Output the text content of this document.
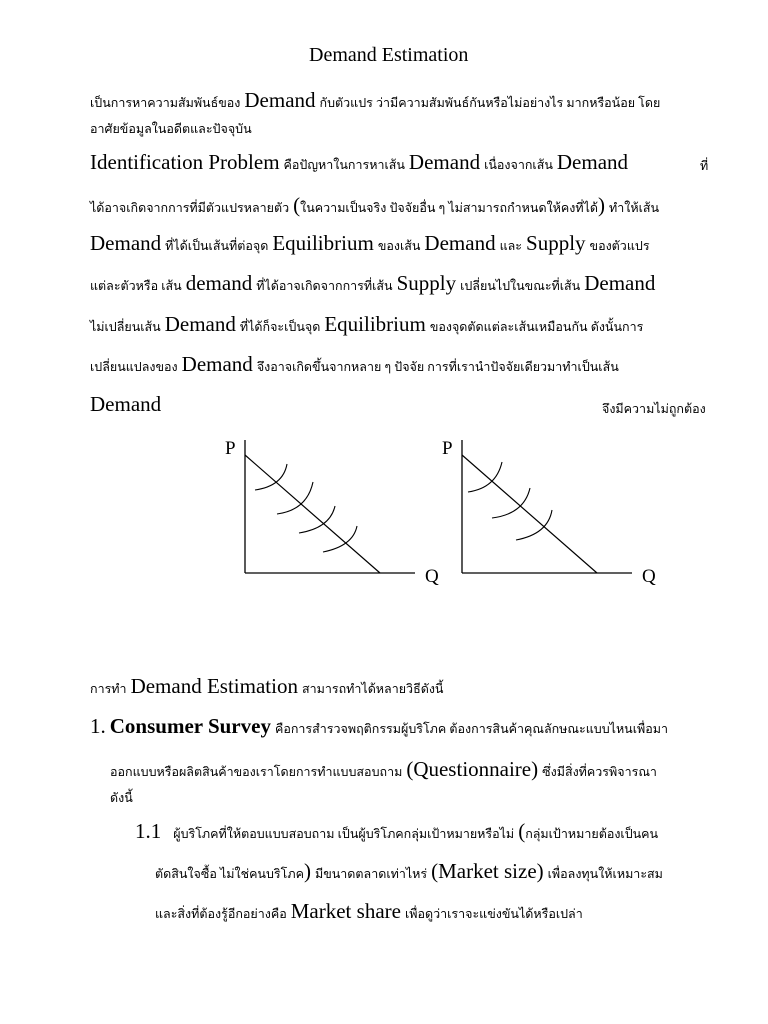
Demand Estimation
เป็นการหาความสัมพันธ์ของ Demand กับตัวแปร ว่ามีความสัมพันธ์กันหรือไม่อย่างไร มากหรือน้อย โดย
อาศัยข้อมูลในอดีตและปัจจุบัน
Identification Problem คือปัญหาในการหาเส้น Demand เนื่องจากเส้น Demand	ที่
ได้อาจเกิดจากการที่มีตัวแปรหลายตัว (ในความเป็นจริง ปัจจัยอื่น ๆ ไม่สามารถกำหนดให้คงที่ได้) ทำให้เส้น
Demand ที่ได้เป็นเส้นที่ต่อจุด Equilibrium ของเส้น Demand และ Supply ของตัวแปร
แต่ละตัวหรือ เส้น demand ที่ได้อาจเกิดจากการที่เส้น Supply เปลี่ยนไปในขณะที่เส้น Demand
ไม่เปลี่ยนเส้น Demand ที่ได้ก็จะเป็นจุด Equilibrium ของจุดตัดแต่ละเส้นเหมือนกัน ดังนั้นการ
เปลี่ยนแปลงของ Demand จึงอาจเกิดขึ้นจากหลาย ๆ ปัจจัย การที่เรานำปัจจัยเดียวมาทำเป็นเส้น
Demand	จึงมีความไม่ถูกต้อง
P
Q
P
Q
การทำ Demand Estimation สามารถทำได้หลายวิธีดังนี้
1. Consumer Survey คือการสำรวจพฤติกรรมผู้บริโภค ต้องการสินค้าคุณลักษณะแบบไหนเพื่อมา
ออกแบบหรือผลิตสินค้าของเราโดยการทำแบบสอบถาม (Questionnaire) ซึ่งมีสิ่งที่ควรพิจารณา
ดังนี้
1.1 ผู้บริโภคที่ให้ตอบแบบสอบถาม เป็นผู้บริโภคกลุ่มเป้าหมายหรือไม่ (กลุ่มเป้าหมายต้องเป็นคน
ตัดสินใจซื้อ ไม่ใช่คนบริโภค) มีขนาดตลาดเท่าไหร่ (Market size) เพื่อลงทุนให้เหมาะสม
และสิ่งที่ต้องรู้อีกอย่างคือ Market share เพื่อดูว่าเราจะแข่งขันได้หรือเปล่า
